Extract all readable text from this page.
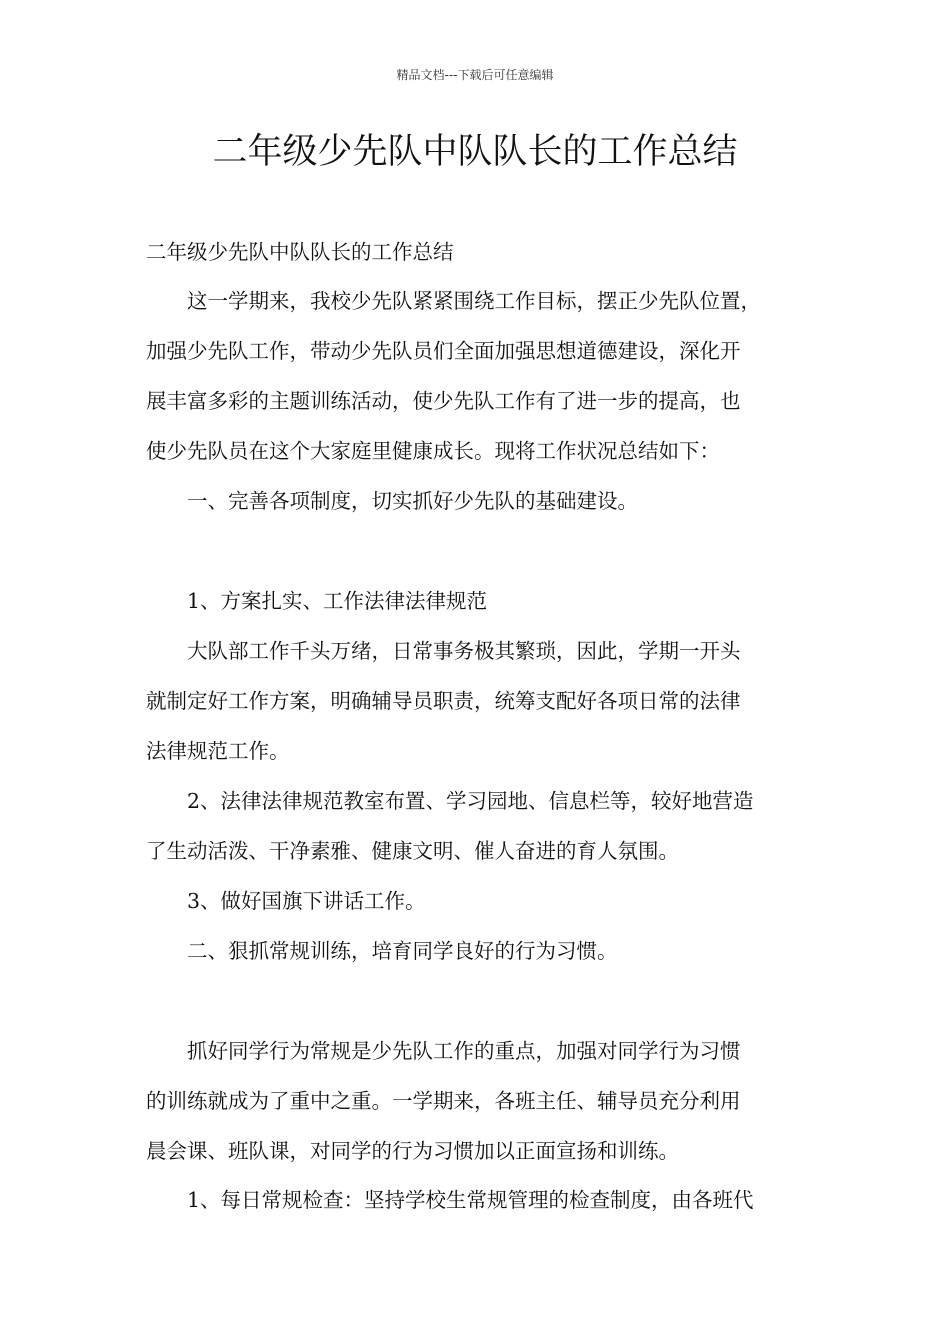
精品文档---下载后可任意编辑
二年级少先队中队队长的工作总结
二年级少先队中队队长的工作总结
　　这一学期来，我校少先队紧紧围绕工作目标，摆正少先队位置，
加强少先队工作，带动少先队员们全面加强思想道德建设，深化开
展丰富多彩的主题训练活动，使少先队工作有了进一步的提高，也
使少先队员在这个大家庭里健康成长。现将工作状况总结如下：
　　一、完善各项制度，切实抓好少先队的基础建设。
　　1、方案扎实、工作法律法律规范
　　大队部工作千头万绪，日常事务极其繁琐，因此，学期一开头
就制定好工作方案，明确辅导员职责，统筹支配好各项日常的法律
法律规范工作。
　　2、法律法律规范教室布置、学习园地、信息栏等，较好地营造
了生动活泼、干净素雅、健康文明、催人奋进的育人氛围。
　　3、做好国旗下讲话工作。
　　二、狠抓常规训练，培育同学良好的行为习惯。
　　抓好同学行为常规是少先队工作的重点，加强对同学行为习惯
的训练就成为了重中之重。一学期来，各班主任、辅导员充分利用
晨会课、班队课，对同学的行为习惯加以正面宣扬和训练。
　　1、每日常规检查：坚持学校生常规管理的检查制度，由各班代
